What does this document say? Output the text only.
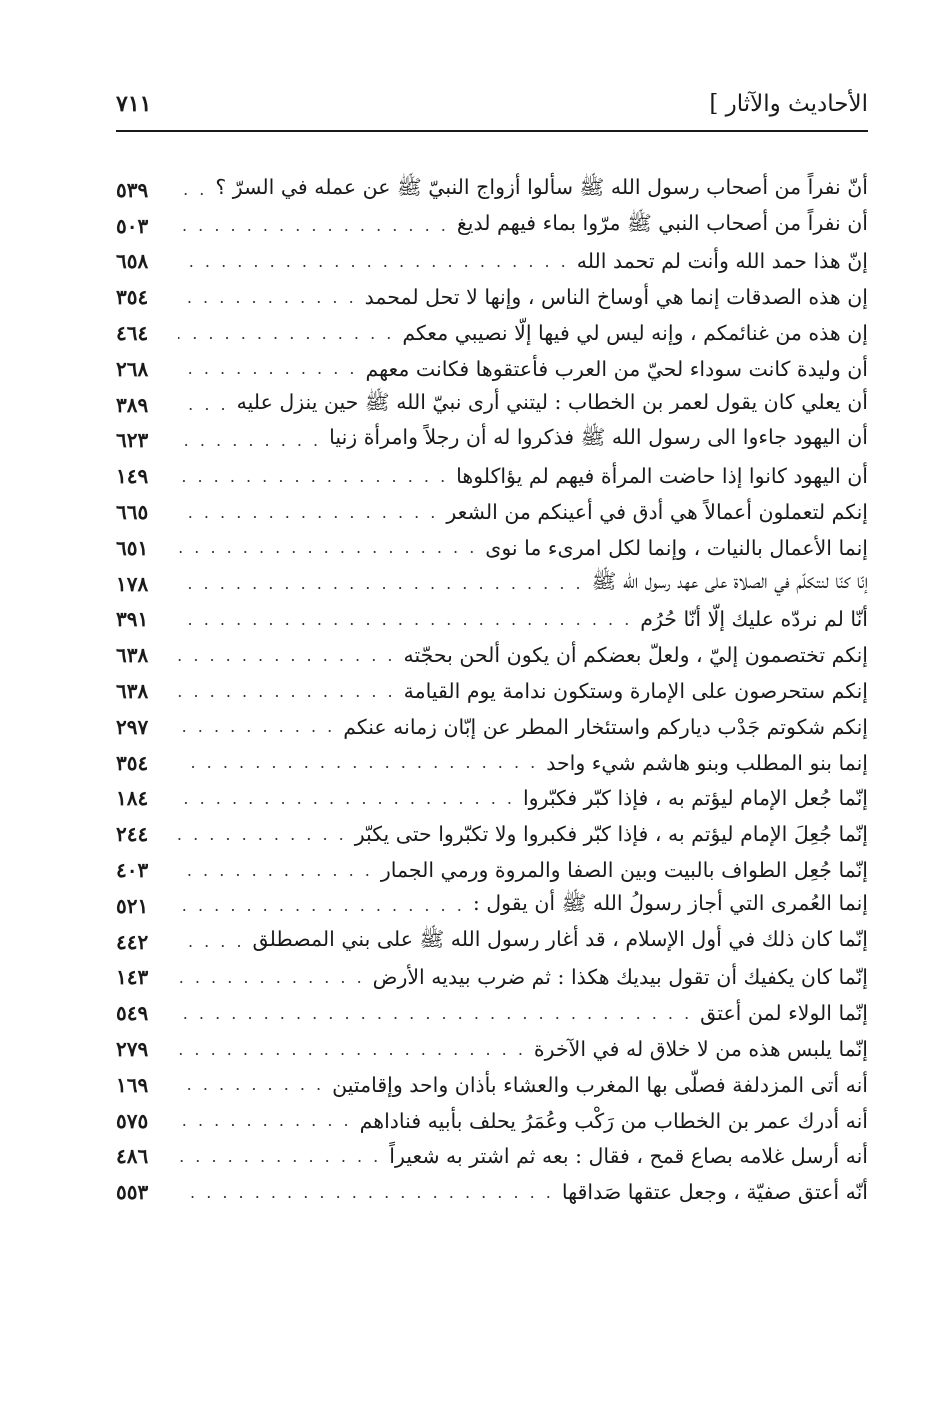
الأحاديث والآثار ]
٧١١
أنّ نفراً من أصحاب رسول الله ﷺ سألوا أزواج النبيّ ﷺ عن عمله في السرّ ؟
. . .
٥٣٩
أن نفراً من أصحاب النبي ﷺ مرّوا بماء فيهم لديغ
. . .
٥٠٣
إنّ هذا حمد الله وأنت لم تحمد الله
. . .
٦٥٨
إن هذه الصدقات إنما هي أوساخ الناس ، وإنها لا تحل لمحمد
. . .
٣٥٤
إن هذه من غنائمكم ، وإنه ليس لي فيها إلّا نصيبي معكم
. . .
٤٦٤
أن وليدة كانت سوداء لحيّ من العرب فأعتقوها فكانت معهم
. . .
٢٦٨
أن يعلي كان يقول لعمر بن الخطاب : ليتني أرى نبيّ الله ﷺ حين ينزل عليه
. . .
٣٨٩
أن اليهود جاءوا الى رسول الله ﷺ فذكروا له أن رجلاً وامرأة زنيا
. . .
٦٢٣
أن اليهود كانوا إذا حاضت المرأة فيهم لم يؤاكلوها
. . .
١٤٩
إنكم لتعملون أعمالاً هي أدق في أعينكم من الشعر
. . .
٦٦٥
إنما الأعمال بالنيات ، وإنما لكل امرىء ما نوى
. . .
٦٥١
إنّا كنّا لنتكلّم في الصلاة على عهد رسول الله ﷺ
. . .
١٧٨
أنّا لم نردّه عليك إلّا أنّا حُرُم
. . .
٣٩١
إنكم تختصمون إليّ ، ولعلّ بعضكم أن يكون ألحن بحجّته
. . .
٦٣٨
إنكم ستحرصون على الإمارة وستكون ندامة يوم القيامة
. . .
٦٣٨
إنكم شكوتم جَدْب دياركم واستئخار المطر عن إبّان زمانه عنكم
. . .
٢٩٧
إنما بنو المطلب وبنو هاشم شيء واحد
. . .
٣٥٤
إنّما جُعل الإمام ليؤتم به ، فإذا كبّر فكبّروا
. . .
١٨٤
إنّما جُعِلَ الإمام ليؤتم به ، فإذا كبّر فكبروا ولا تكبّروا حتى يكبّر
. . .
٢٤٤
إنّما جُعِل الطواف بالبيت وبين الصفا والمروة ورمي الجمار
. . .
٤٠٣
إنما العُمرى التي أجاز رسولُ الله ﷺ أن يقول :
. . .
٥٢١
إنّما كان ذلك في أول الإسلام ، قد أغار رسول الله ﷺ على بني المصطلق
. . .
٤٤٢
إنّما كان يكفيك أن تقول بيديك هكذا : ثم ضرب بيديه الأرض
. . .
١٤٣
إنّما الولاء لمن أعتق
. . .
٥٤٩
إنّما يلبس هذه من لا خلاق له في الآخرة
. . .
٢٧٩
أنه أتى المزدلفة فصلّى بها المغرب والعشاء بأذان واحد وإقامتين
. . .
١٦٩
أنه أدرك عمر بن الخطاب من رَكْب وعُمَرُ يحلف بأبيه فناداهم
. . .
٥٧٥
أنه أرسل غلامه بصاع قمح ، فقال : بعه ثم اشتر به شعيراً
. . .
٤٨٦
أنّه أعتق صفيّة ، وجعل عتقها صَداقها
. . .
٥٥٣
